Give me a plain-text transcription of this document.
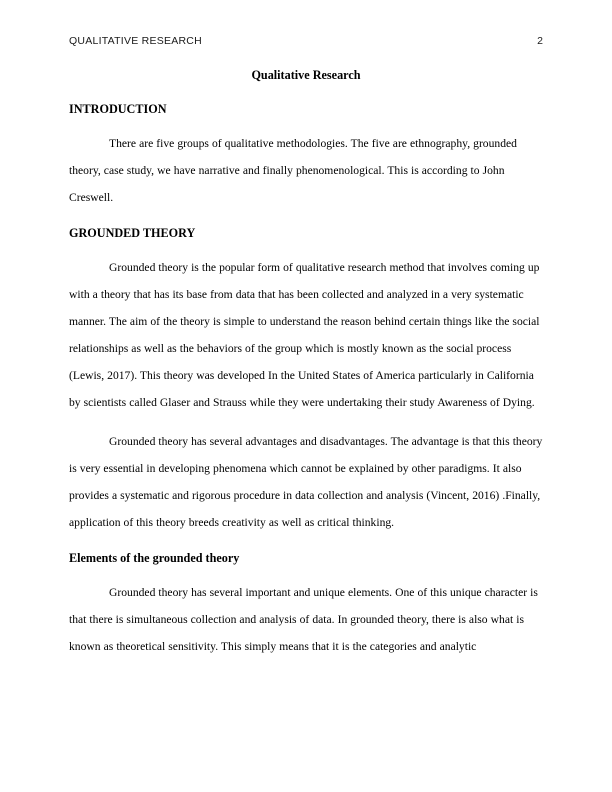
QUALITATIVE RESEARCH	2
Qualitative Research
INTRODUCTION

There are five groups of qualitative methodologies. The five are ethnography, grounded theory, case study, we have narrative and finally phenomenological. This is according to John Creswell.

GROUNDED THEORY

Grounded theory is the popular form of qualitative research method that involves coming up with a theory that has its base from data that has been collected and analyzed in a very systematic manner. The aim of the theory is simple to understand the reason behind certain things like the social relationships as well as the behaviors of the group which is mostly known as the social process (Lewis, 2017). This theory was developed In the United States of America particularly in California by scientists called Glaser and Strauss while they were undertaking their study Awareness of Dying.

Grounded theory has several advantages and disadvantages. The advantage is that this theory is very essential in developing phenomena which cannot be explained by other paradigms. It also provides a systematic and rigorous procedure in data collection and analysis (Vincent, 2016) .Finally, application of this theory breeds creativity as well as critical thinking.

Elements of the grounded theory

Grounded theory has several important and unique elements. One of this unique character is that there is simultaneous collection and analysis of data. In grounded theory, there is also what is known as theoretical sensitivity. This simply means that it is the categories and analytic
